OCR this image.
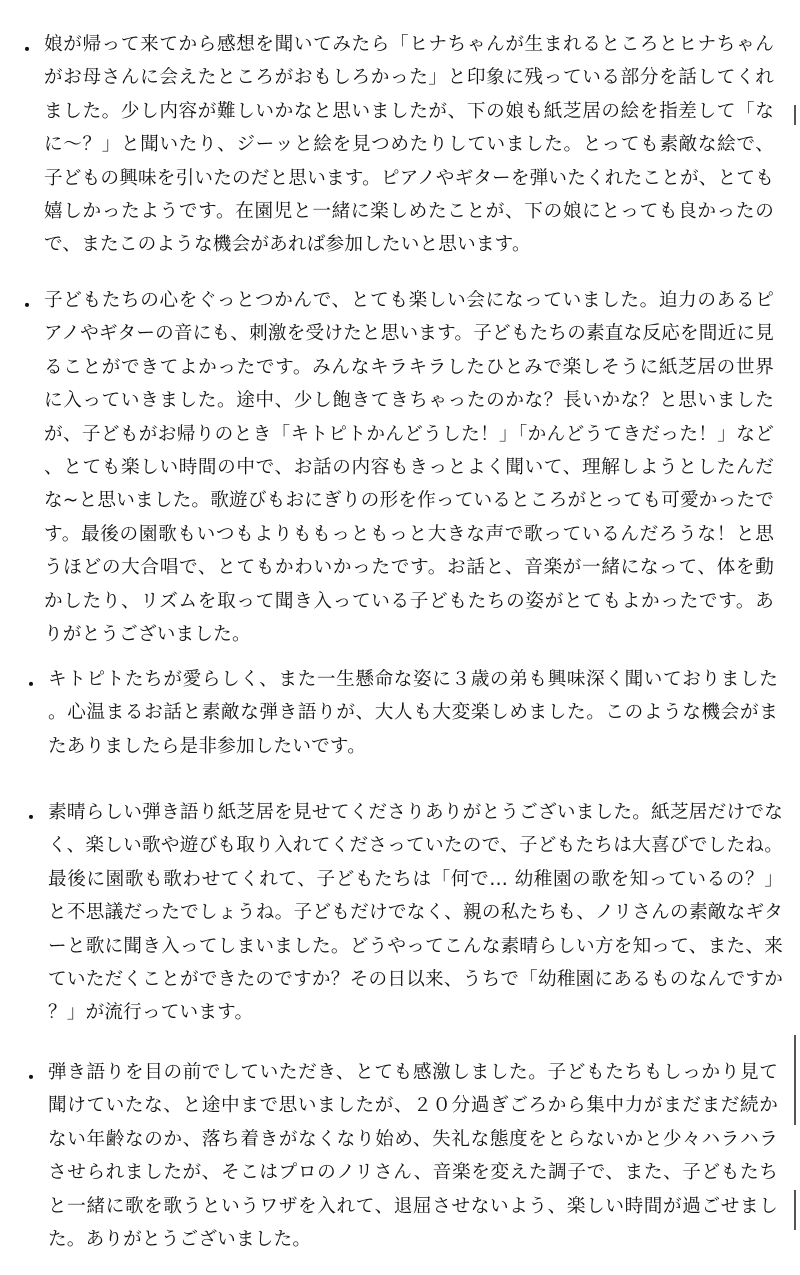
・ 娘が帰って来てから感想を聞いてみたら「ヒナちゃんが生まれるところとヒナちゃんがお母さんに会えたところがおもしろかった」と印象に残っている部分を話してくれました。少し内容が難しいかなと思いましたが、下の娘も紙芝居の絵を指差して「なに〜？」と聞いたり、ジーッと絵を見つめたりしていました。とっても素敵な絵で、子どもの興味を引いたのだと思います。ピアノやギターを弾いたくれたことが、とても嬉しかったようです。在園児と一緒に楽しめたことが、下の娘にとっても良かったので、またこのような機会があれば参加したいと思います。

・ 子どもたちの心をぐっとつかんで、とても楽しい会になっていました。迫力のあるピアノやギターの音にも、刺激を受けたと思います。子どもたちの素直な反応を間近に見ることができてよかったです。みんなキラキラしたひとみで楽しそうに紙芝居の世界に入っていきました。途中、少し飽きてきちゃったのかな？長いかな？と思いましたが、子どもがお帰りのとき「キトピトかんどうした！」「かんどうてきだった！」など、とても楽しい時間の中で、お話の内容もきっとよく聞いて、理解しようとしたんだな~と思いました。歌遊びもおにぎりの形を作っているところがとっても可愛かったです。最後の園歌もいつもよりももっともっと大きな声で歌っているんだろうな！と思うほどの大合唱で、とてもかわいかったです。お話と、音楽が一緒になって、体を動かしたり、リズムを取って聞き入っている子どもたちの姿がとてもよかったです。ありがとうございました。

・ キトピトたちが愛らしく、また一生懸命な姿に３歳の弟も興味深く聞いておりました。心温まるお話と素敵な弾き語りが、大人も大変楽しめました。このような機会がまたありましたら是非参加したいです。

・ 素晴らしい弾き語り紙芝居を見せてくださりありがとうございました。紙芝居だけでなく、楽しい歌や遊びも取り入れてくださっていたので、子どもたちは大喜びでしたね。最後に園歌も歌わせてくれて、子どもたちは「何で… 幼稚園の歌を知っているの？」と不思議だったでしょうね。子どもだけでなく、親の私たちも、ノリさんの素敵なギターと歌に聞き入ってしまいました。どうやってこんな素晴らしい方を知って、また、来ていただくことができたのですか？その日以来、うちで「幼稚園にあるものなんですか？」が流行っています。

・ 弾き語りを目の前でしていただき、とても感激しました。子どもたちもしっかり見て聞けていたな、と途中まで思いましたが、２０分過ぎごろから集中力がまだまだ続かない年齢なのか、落ち着きがなくなり始め、失礼な態度をとらないかと少々ハラハラさせられましたが、そこはプロのノリさん、音楽を変えた調子で、また、子どもたちと一緒に歌を歌うというワザを入れて、退屈させないよう、楽しい時間が過ごせました。ありがとうございました。
